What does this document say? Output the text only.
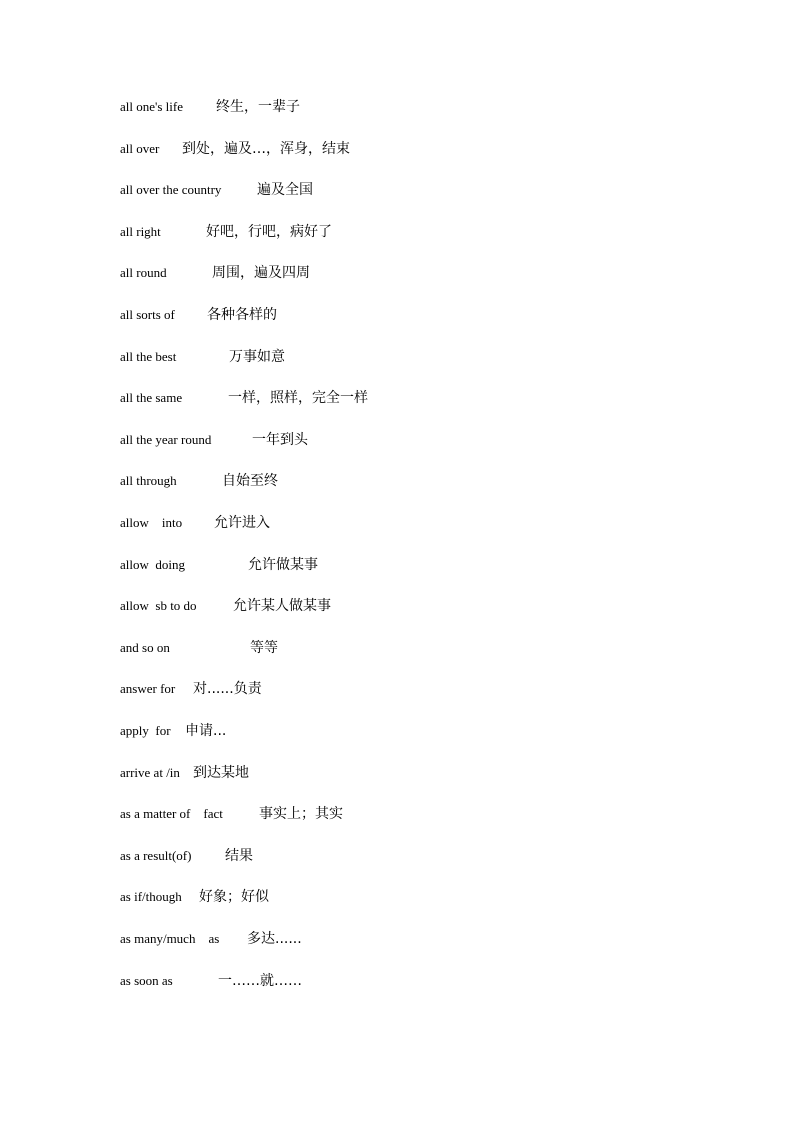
all one's life 终生，一辈子
all over 到处，遍及…，浑身，结束
all over the country	遍及全国
all right	好吧，行吧，病好了
all round	周围，遍及四周
all sorts of 各种各样的
all the best	万事如意
all the same	一样，照样，完全一样
all the year round	一年到头
all through	自始至终
allow    into 允许进入
allow  doing	允许做某事
allow  sb to do	允许某人做某事
and so on	等等
answer for 对......负责
apply  for 申请...
arrive at /in 到达某地
as a matter of    fact	事实上；其实
as a result(of) 结果
as if/though 好象；好似
as many/much    as 多达......
as soon as	一……就……
